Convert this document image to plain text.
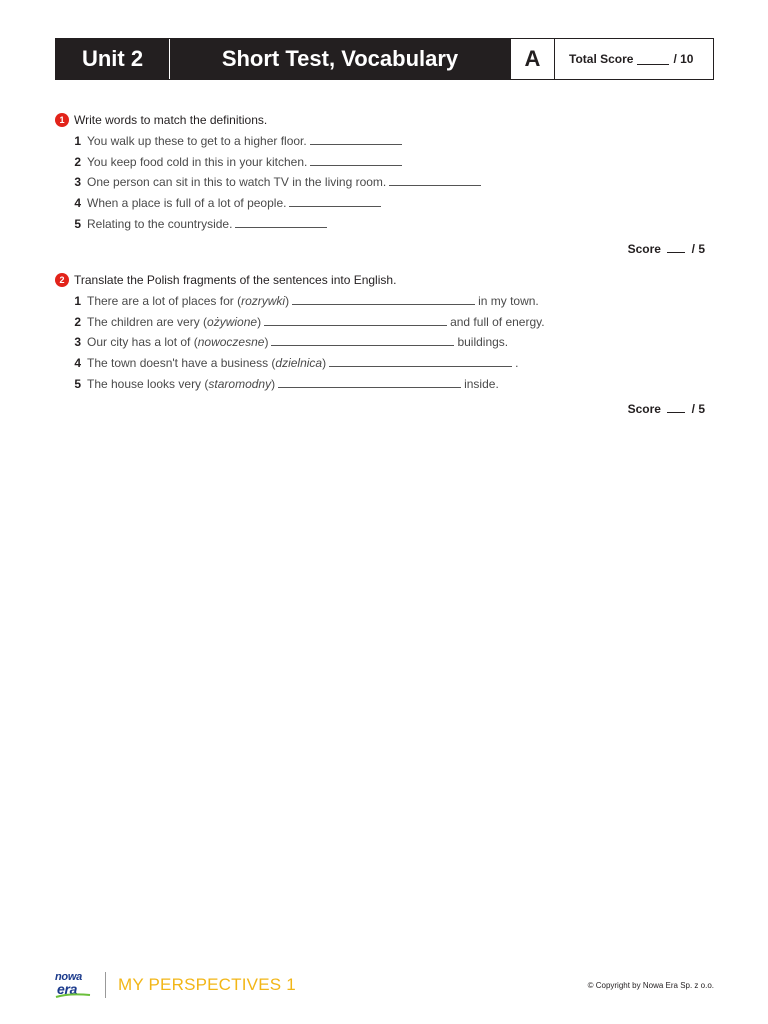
Unit 2	Short Test, Vocabulary	A	Total Score	/ 10
1 Write words to match the definitions.
1 You walk up these to get to a higher floor.
2 You keep food cold in this in your kitchen.
3 One person can sit in this to watch TV in the living room.
4 When a place is full of a lot of people.
5 Relating to the countryside.
Score	/ 5
2 Translate the Polish fragments of the sentences into English.
1 There are a lot of places for (rozrywki)	in my town.
2 The children are very (ożywione)	and full of energy.
3 Our city has a lot of (nowoczesne)	buildings.
4 The town doesn't have a business (dzielnica)	.
5 The house looks very (staromodny)	inside.
Score	/ 5
nowa
era MY PERSPECTIVES 1	© Copyright by Nowa Era Sp. z o.o.
